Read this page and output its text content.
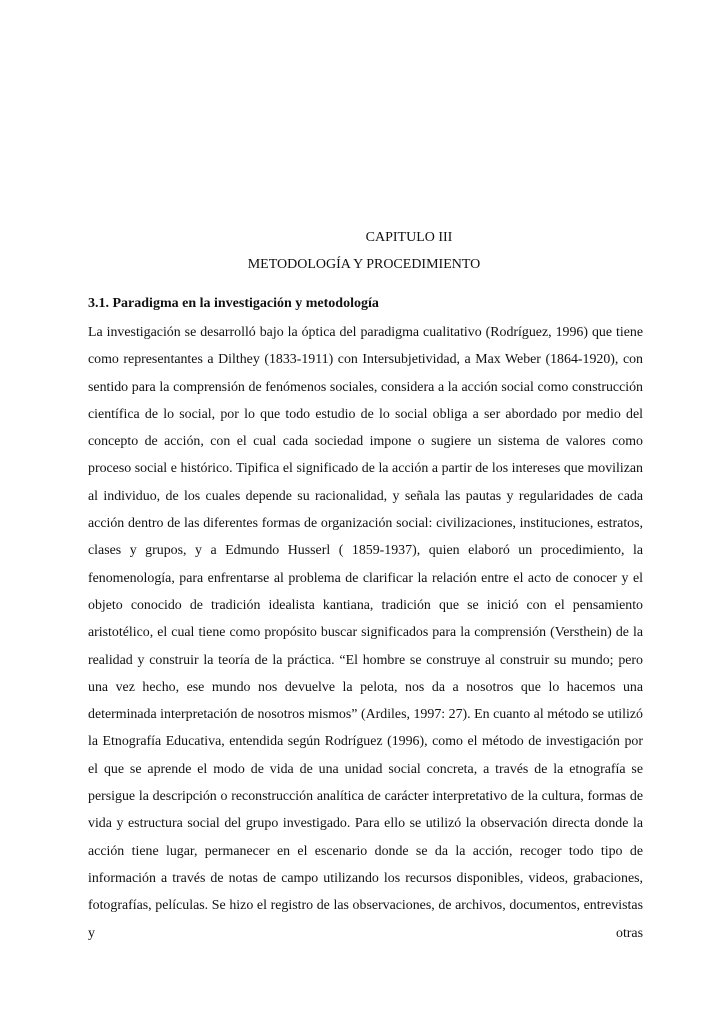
CAPITULO III
METODOLOGÍA Y PROCEDIMIENTO
3.1. Paradigma en la investigación y metodología

La investigación se desarrolló bajo la óptica del paradigma cualitativo (Rodríguez, 1996) que tiene como representantes a Dilthey (1833-1911) con Intersubjetividad, a Max Weber (1864-1920), con sentido para la comprensión de fenómenos sociales, considera a la acción social como construcción científica de lo social, por lo que todo estudio de lo social obliga a ser abordado por medio del concepto de acción, con el cual cada sociedad impone o sugiere un sistema de valores como proceso social e histórico. Tipifica el significado de la acción a partir de los intereses que movilizan al individuo, de los cuales depende su racionalidad, y señala las pautas y regularidades de cada acción dentro de las diferentes formas de organización social: civilizaciones, instituciones, estratos, clases y grupos, y a Edmundo Husserl ( 1859-1937), quien elaboró un procedimiento, la fenomenología, para enfrentarse al problema de clarificar la relación entre el acto de conocer y el objeto conocido de tradición idealista kantiana, tradición que se inició con el pensamiento aristotélico, el cual tiene como propósito buscar significados para la comprensión (Versthein) de la realidad y construir la teoría de la práctica. “El hombre se construye al construir su mundo; pero una vez hecho, ese mundo nos devuelve la pelota, nos da a nosotros que lo hacemos una determinada interpretación de nosotros mismos” (Ardiles, 1997: 27). En cuanto al método se utilizó la Etnografía Educativa, entendida según Rodríguez (1996), como el método de investigación por el que se aprende el modo de vida de una unidad social concreta, a través de la etnografía se persigue la descripción o reconstrucción analítica de carácter interpretativo de la cultura, formas de vida y estructura social del grupo investigado. Para ello se utilizó la observación directa donde la acción tiene lugar, permanecer en el escenario donde se da la acción, recoger todo tipo de información a través de notas de campo utilizando los recursos disponibles, videos, grabaciones, fotografías, películas. Se hizo el registro de las observaciones, de archivos, documentos, entrevistas y otras
